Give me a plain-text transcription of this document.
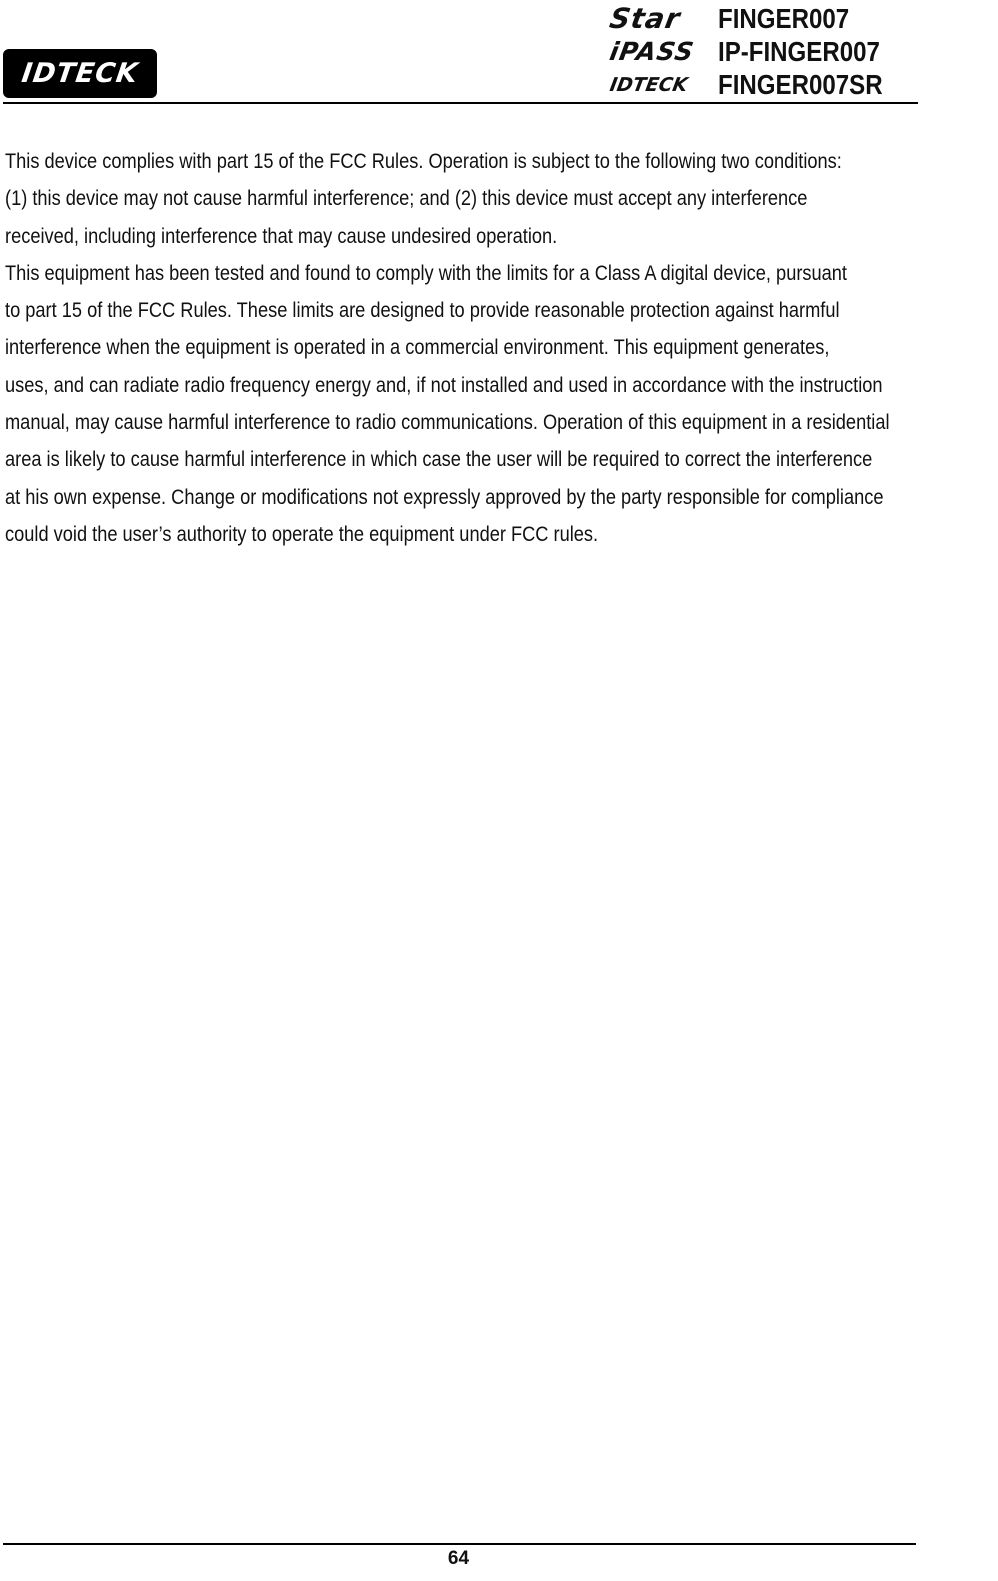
IDTECK
Star	FINGER007
iPASS IP-FINGER007
IDTECK	FINGER007SR
This device complies with part 15 of the FCC Rules. Operation is subject to the following two conditions:
(1) this device may not cause harmful interference; and (2) this device must accept any interference
received, including interference that may cause undesired operation.
This equipment has been tested and found to comply with the limits for a Class A digital device, pursuant
to part 15 of the FCC Rules. These limits are designed to provide reasonable protection against harmful
interference when the equipment is operated in a commercial environment. This equipment generates,
uses, and can radiate radio frequency energy and, if not installed and used in accordance with the instruction
manual, may cause harmful interference to radio communications. Operation of this equipment in a residential
area is likely to cause harmful interference in which case the user will be required to correct the interference
at his own expense. Change or modifications not expressly approved by the party responsible for compliance
could void the user’s authority to operate the equipment under FCC rules.
64
